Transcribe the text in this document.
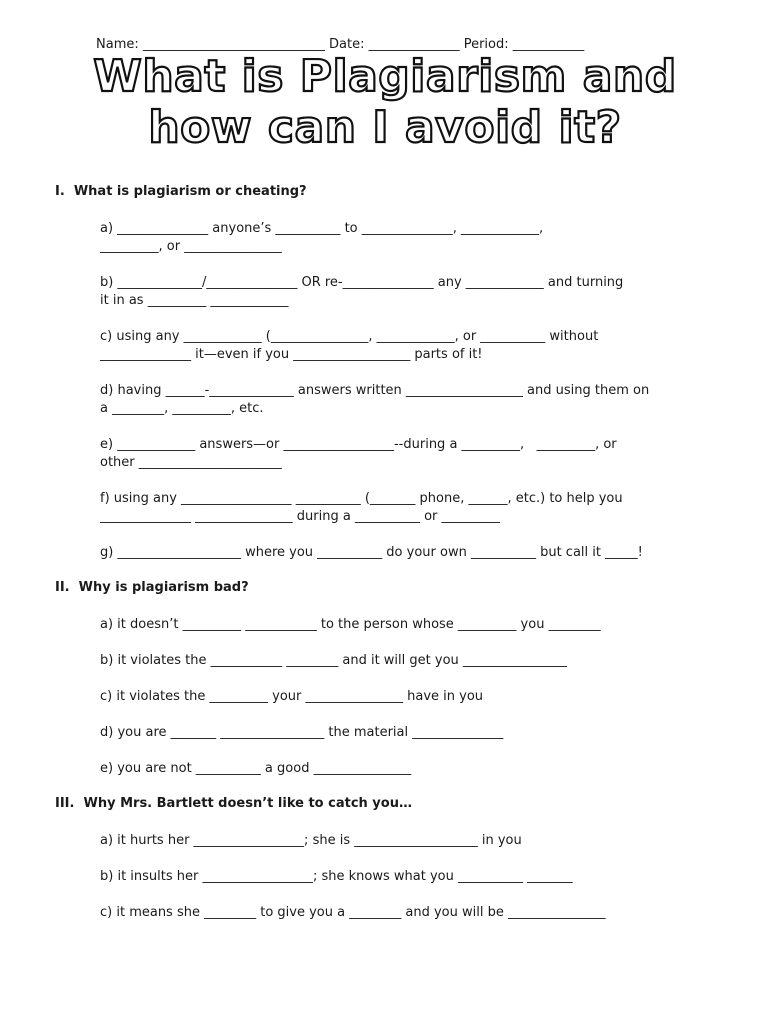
Name: ____________________________ Date: ______________ Period: ___________
What is Plagiarism and
how can I avoid it?
I.  What is plagiarism or cheating?
a) ______________ anyone’s __________ to ______________, ____________,
_________, or _______________
b) _____________/______________ OR re-______________ any ____________ and turning
it in as _________ ____________
c) using any ____________ (_______________, ____________, or __________ without
______________ it—even if you __________________ parts of it!
d) having ______-_____________ answers written __________________ and using them on
a ________, _________, etc.
e) ____________ answers—or _________________--during a _________,   _________, or
other ______________________
f) using any _________________ __________ (_______ phone, ______, etc.) to help you
______________ _______________ during a __________ or _________
g) ___________________ where you __________ do your own __________ but call it _____!
II.  Why is plagiarism bad?
a) it doesn’t _________ ___________ to the person whose _________ you ________
b) it violates the ___________ ________ and it will get you ________________
c) it violates the _________ your _______________ have in you
d) you are _______ ________________ the material ______________
e) you are not __________ a good _______________
III.  Why Mrs. Bartlett doesn’t like to catch you…
a) it hurts her _________________; she is ___________________ in you
b) it insults her _________________; she knows what you __________ _______
c) it means she ________ to give you a ________ and you will be _______________
